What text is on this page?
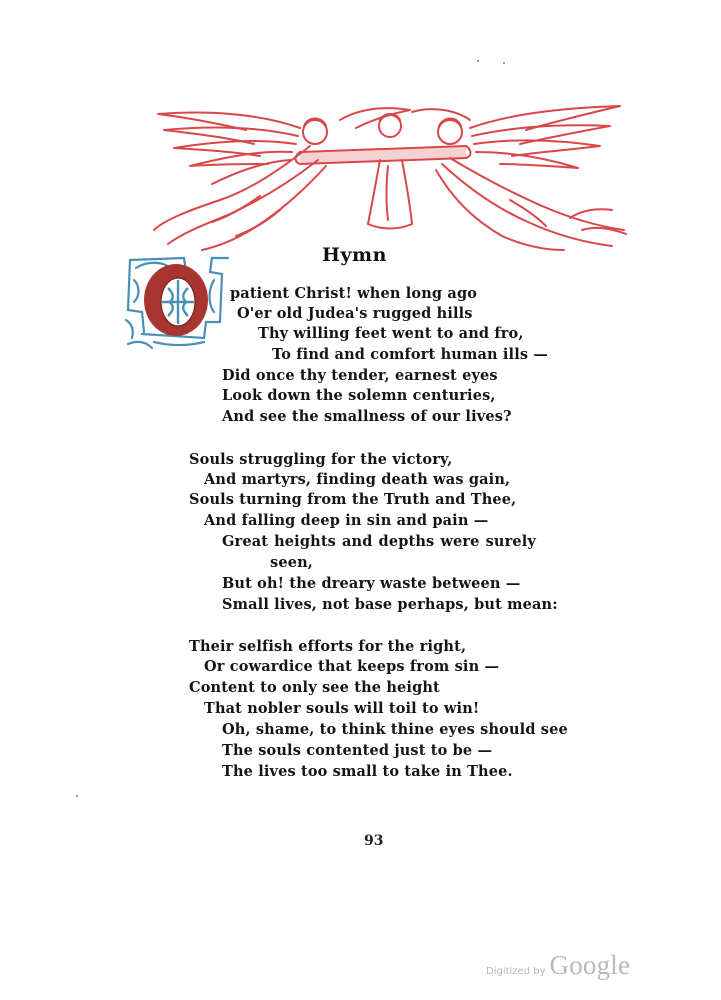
Hymn
patient Christ! when long ago
O'er old Judea's rugged hills
Thy willing feet went to and fro,
To find and comfort human ills —
Did once thy tender, earnest eyes
Look down the solemn centuries,
And see the smallness of our lives?
Souls struggling for the victory,
And martyrs, finding death was gain,
Souls turning from the Truth and Thee,
And falling deep in sin and pain —
Great heights and depths were surely
seen,
But oh! the dreary waste between —
Small lives, not base perhaps, but mean:
Their selfish efforts for the right,
Or cowardice that keeps from sin —
Content to only see the height
That nobler souls will toil to win!
Oh, shame, to think thine eyes should see
The souls contented just to be —
The lives too small to take in Thee.
93
Digitized by Google
